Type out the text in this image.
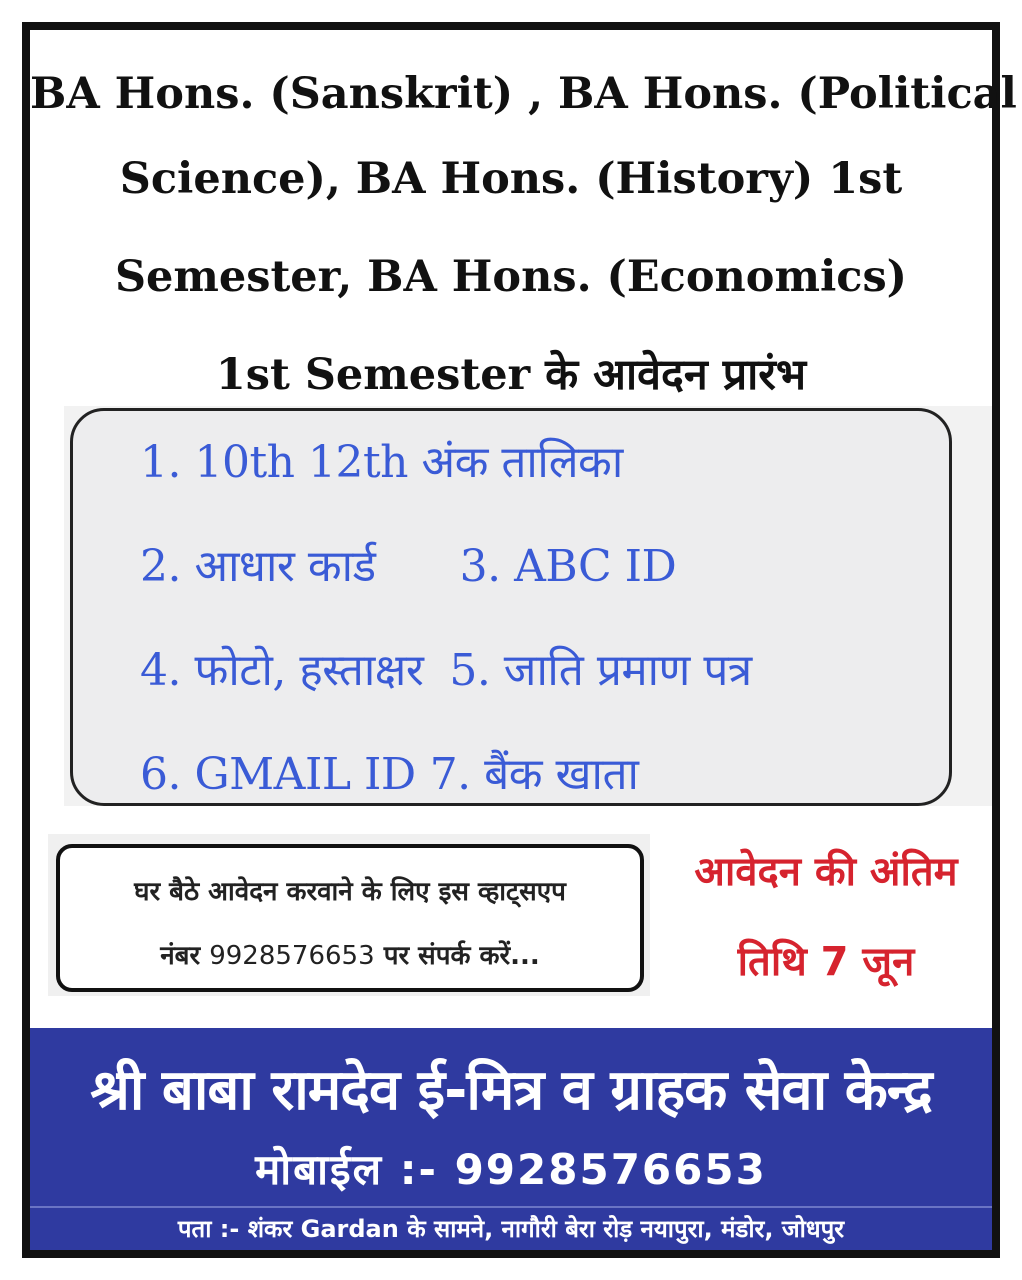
BA Hons. (Sanskrit) , BA Hons. (Political
Science), BA Hons. (History) 1st
Semester, BA Hons. (Economics)
1st Semester के आवेदन प्रारंभ
1. 10th 12th अंक तालिका
2. आधार कार्ड 3. ABC ID
4. फोटो, हस्ताक्षर 5. जाति प्रमाण पत्र
6. GMAIL ID 7. बैंक खाता
घर बैठे आवेदन करवाने के लिए इस व्हाट्सएप
नंबर 9928576653 पर संपर्क करें...
आवेदन की अंतिम
तिथि 7 जून
श्री बाबा रामदेव ई-मित्र व ग्राहक सेवा केन्द्र
मोबाईल :- 9928576653
पता :- शंकर Gardan के सामने, नागौरी बेरा रोड़ नयापुरा, मंडोर, जोधपुर
